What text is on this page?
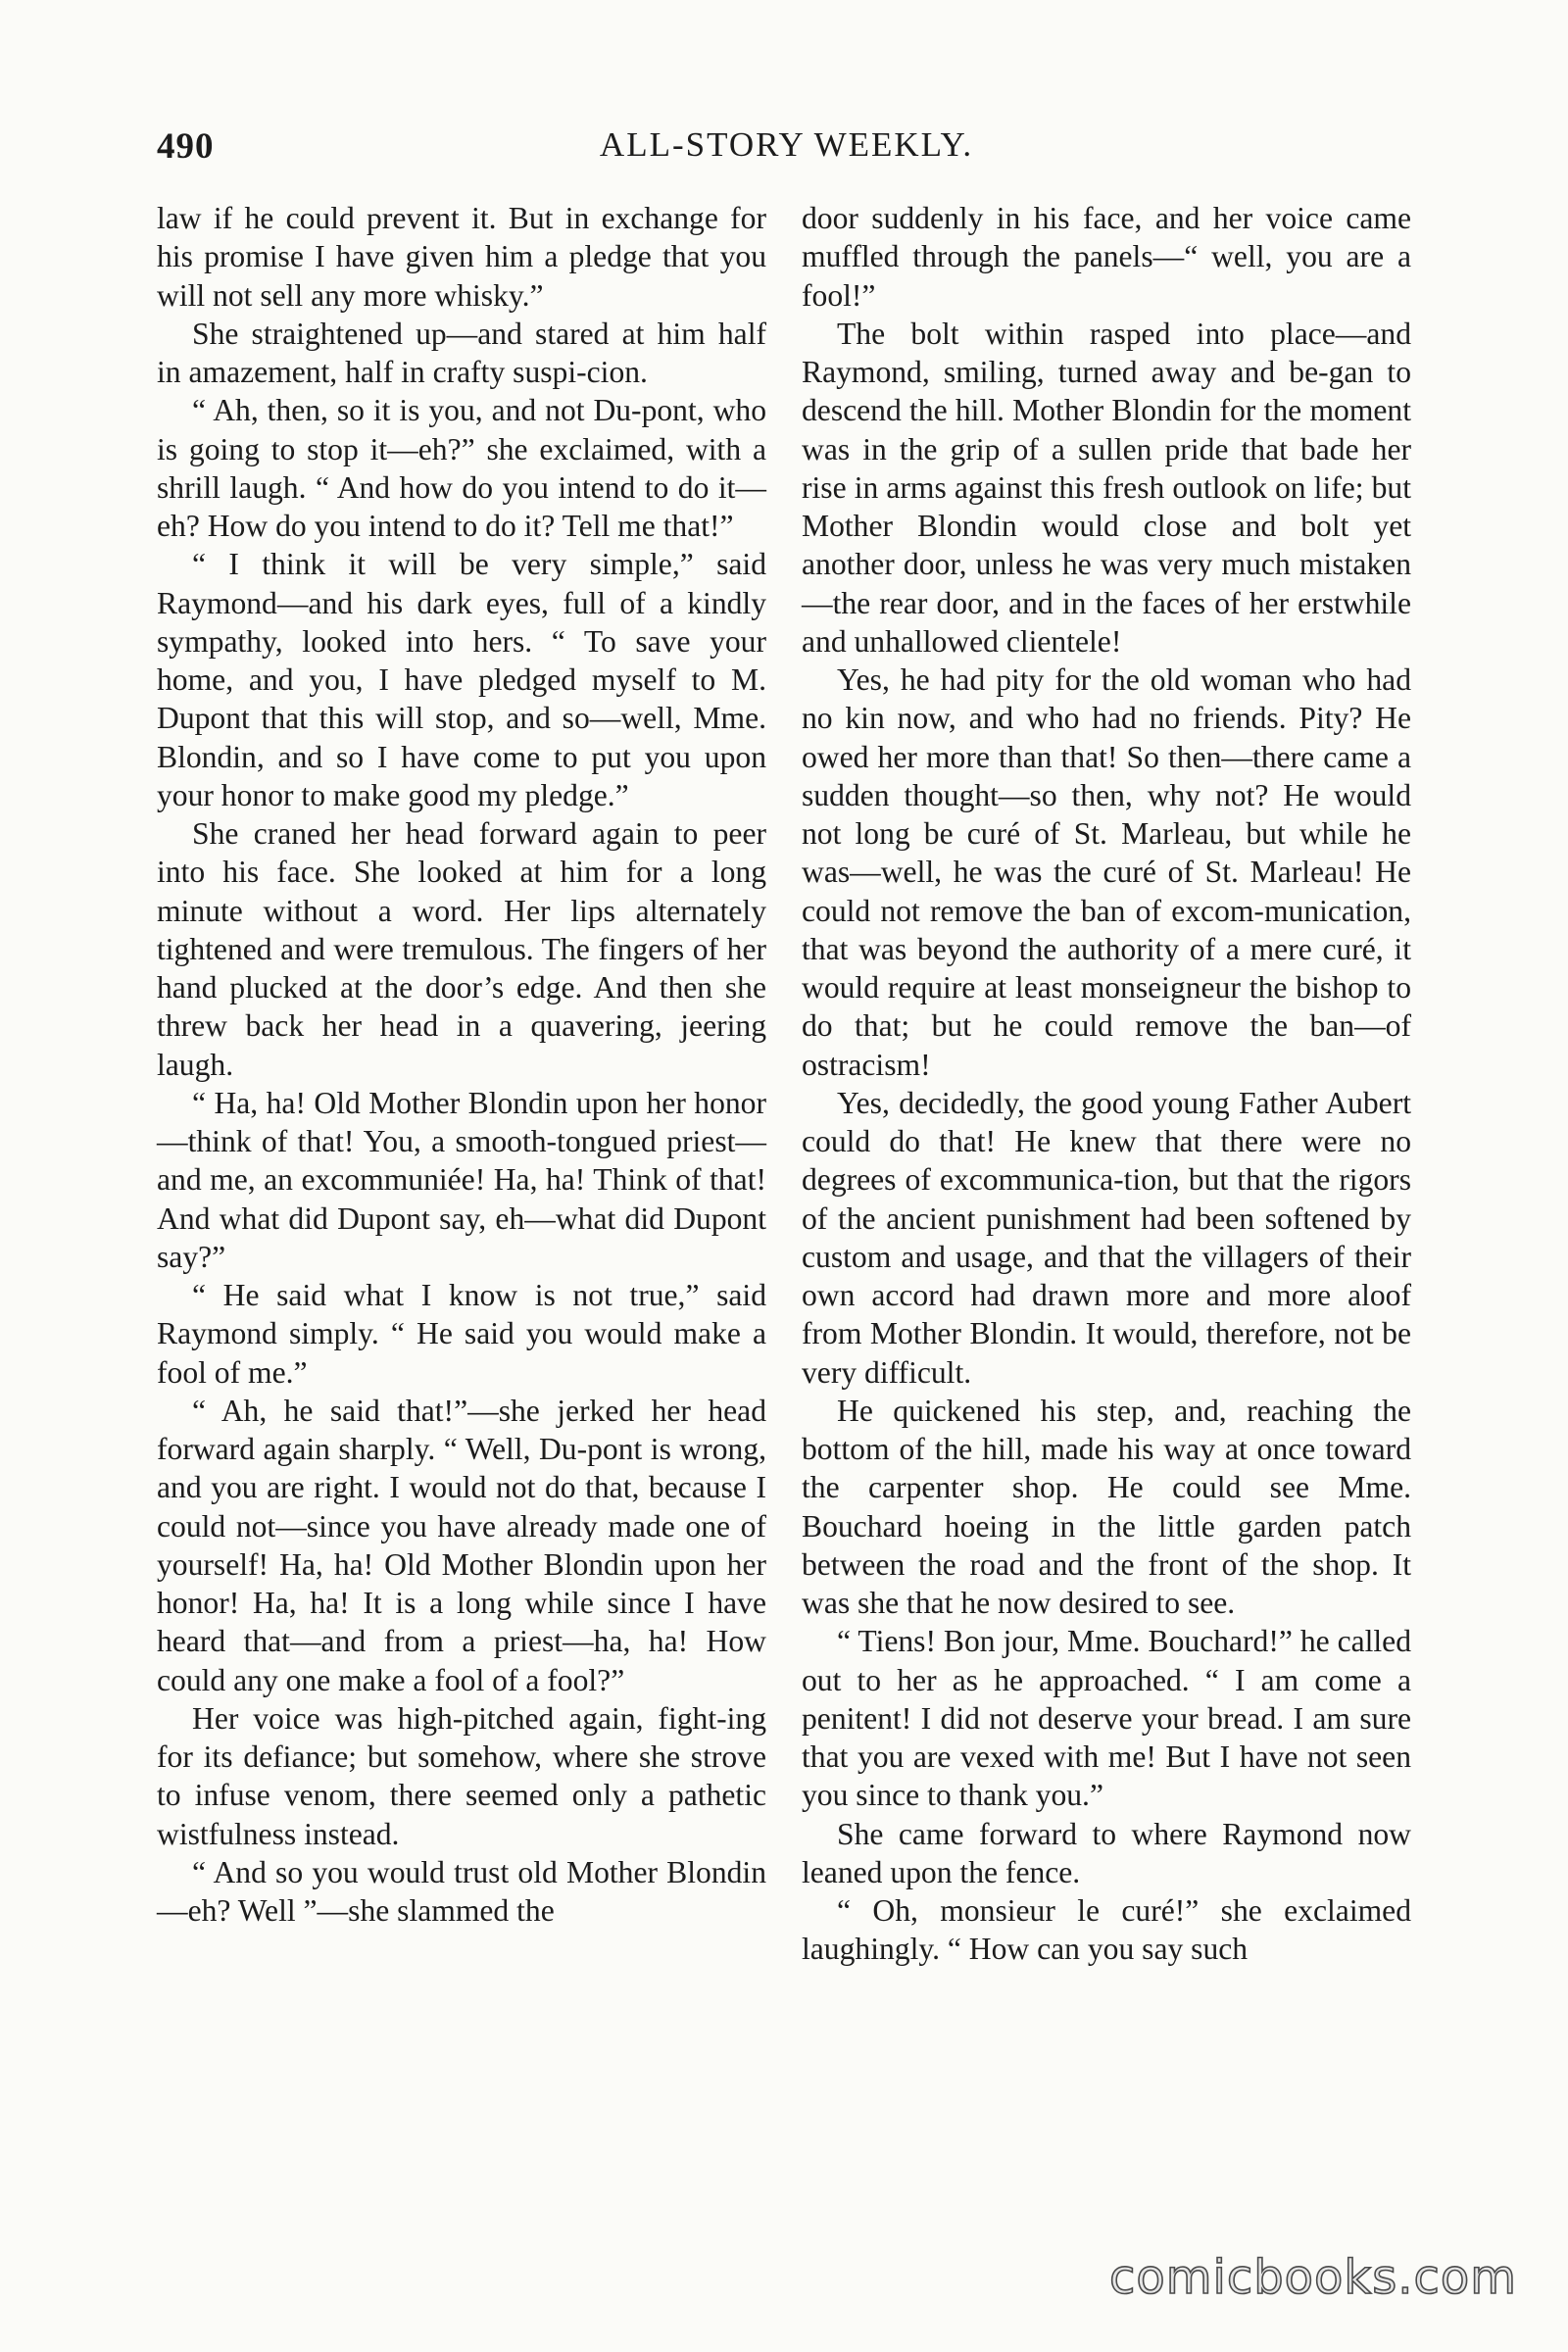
490	ALL-STORY WEEKLY.

law if he could prevent it. But in exchange for his promise I have given him a pledge that you will not sell any more whisky.”

She straightened up—and stared at him half in amazement, half in crafty suspi-cion.

“ Ah, then, so it is you, and not Du-pont, who is going to stop it—eh?” she exclaimed, with a shrill laugh. “ And how do you intend to do it—eh? How do you intend to do it? Tell me that!”

“ I think it will be very simple,” said Raymond—and his dark eyes, full of a kindly sympathy, looked into hers. “ To save your home, and you, I have pledged myself to M. Dupont that this will stop, and so—well, Mme. Blondin, and so I have come to put you upon your honor to make good my pledge.”

She craned her head forward again to peer into his face. She looked at him for a long minute without a word. Her lips alternately tightened and were tremulous. The fingers of her hand plucked at the door’s edge. And then she threw back her head in a quavering, jeering laugh.

“ Ha, ha! Old Mother Blondin upon her honor—think of that! You, a smooth-tongued priest—and me, an excommuniée! Ha, ha! Think of that! And what did Dupont say, eh—what did Dupont say?”

“ He said what I know is not true,” said Raymond simply. “ He said you would make a fool of me.”

“ Ah, he said that!”—she jerked her head forward again sharply. “ Well, Du-pont is wrong, and you are right. I would not do that, because I could not—since you have already made one of yourself! Ha, ha! Old Mother Blondin upon her honor! Ha, ha! It is a long while since I have heard that—and from a priest—ha, ha! How could any one make a fool of a fool?”

Her voice was high-pitched again, fight-ing for its defiance; but somehow, where she strove to infuse venom, there seemed only a pathetic wistfulness instead.

“ And so you would trust old Mother Blondin—eh? Well ”—she slammed the

door suddenly in his face, and her voice came muffled through the panels—“ well, you are a fool!”

The bolt within rasped into place—and Raymond, smiling, turned away and be-gan to descend the hill. Mother Blondin for the moment was in the grip of a sullen pride that bade her rise in arms against this fresh outlook on life; but Mother Blondin would close and bolt yet another door, unless he was very much mistaken—the rear door, and in the faces of her erstwhile and unhallowed clientele!

Yes, he had pity for the old woman who had no kin now, and who had no friends. Pity? He owed her more than that! So then—there came a sudden thought—so then, why not? He would not long be curé of St. Marleau, but while he was—well, he was the curé of St. Marleau! He could not remove the ban of excom-munication, that was beyond the authority of a mere curé, it would require at least monseigneur the bishop to do that; but he could remove the ban—of ostracism!

Yes, decidedly, the good young Father Aubert could do that! He knew that there were no degrees of excommunica-tion, but that the rigors of the ancient punishment had been softened by custom and usage, and that the villagers of their own accord had drawn more and more aloof from Mother Blondin. It would, therefore, not be very difficult.

He quickened his step, and, reaching the bottom of the hill, made his way at once toward the carpenter shop. He could see Mme. Bouchard hoeing in the little garden patch between the road and the front of the shop. It was she that he now desired to see.

“ Tiens! Bon jour, Mme. Bouchard!” he called out to her as he approached. “ I am come a penitent! I did not deserve your bread. I am sure that you are vexed with me! But I have not seen you since to thank you.”

She came forward to where Raymond now leaned upon the fence.

“ Oh, monsieur le curé!” she exclaimed laughingly. “ How can you say such

comicbooks.com
